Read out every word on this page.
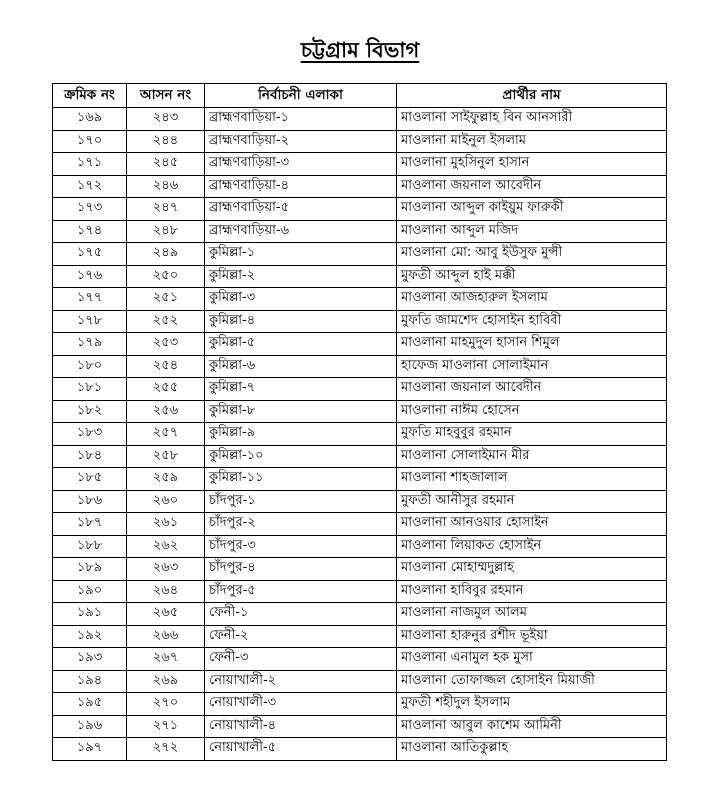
চট্টগ্রাম বিভাগ
ক্রমিক নং	আসন নং	নির্বাচনী এলাকা	প্রার্থীর নাম
১৬৯	২৪৩	ব্রাহ্মণবাড়িয়া-১	মাওলানা সাইফুল্লাহ বিন আনসারী
১৭০	২৪৪	ব্রাহ্মণবাড়িয়া-২	মাওলানা মাইনুল ইসলাম
১৭১	২৪৫	ব্রাহ্মণবাড়িয়া-৩	মাওলানা মুহসিনুল হাসান
১৭২	২৪৬	ব্রাহ্মণবাড়িয়া-৪	মাওলানা জয়নাল আবেদীন
১৭৩	২৪৭	ব্রাহ্মণবাড়িয়া-৫	মাওলানা আব্দুল কাইয়ুম ফারুকী
১৭৪	২৪৮	ব্রাহ্মণবাড়িয়া-৬	মাওলানা আব্দুল মজিদ
১৭৫	২৪৯	কুমিল্লা-১	মাওলানা মো: আবু ইউসুফ মুন্সী
১৭৬	২৫০	কুমিল্লা-২	মুফতী আব্দুল হাই মক্কী
১৭৭	২৫১	কুমিল্লা-৩	মাওলানা আজহারুল ইসলাম
১৭৮	২৫২	কুমিল্লা-৪	মুফতি জামশেদ হোসাইন হাবিবী
১৭৯	২৫৩	কুমিল্লা-৫	মাওলানা মাহমুদুল হাসান শিমুল
১৮০	২৫৪	কুমিল্লা-৬	হাফেজ মাওলানা সোলাইমান
১৮১	২৫৫	কুমিল্লা-৭	মাওলানা জয়নাল আবেদীন
১৮২	২৫৬	কুমিল্লা-৮	মাওলানা নাঈম হোসেন
১৮৩	২৫৭	কুমিল্লা-৯	মুফতি মাহবুবুর রহমান
১৮৪	২৫৮	কুমিল্লা-১০	মাওলানা সোলাইমান মীর
১৮৫	২৫৯	কুমিল্লা-১১	মাওলানা শাহজালাল
১৮৬	২৬০	চাঁদপুর-১	মুফতী আনীসুর রহমান
১৮৭	২৬১	চাঁদপুর-২	মাওলানা আনওয়ার হোসাইন
১৮৮	২৬২	চাঁদপুর-৩	মাওলানা লিয়াকত হোসাইন
১৮৯	২৬৩	চাঁদপুর-৪	মাওলানা মোহাম্মদুল্লাহ
১৯০	২৬৪	চাঁদপুর-৫	মাওলানা হাবিবুর রহমান
১৯১	২৬৫	ফেনী-১	মাওলানা নাজমুল আলম
১৯২	২৬৬	ফেনী-২	মাওলানা হারুনুর রশীদ ভূইয়া
১৯৩	২৬৭	ফেনী-৩	মাওলানা এনামুল হক মুসা
১৯৪	২৬৯	নোয়াখালী-২	মাওলানা তোফাজ্জল হোসাইন মিয়াজী
১৯৫	২৭০	নোয়াখালী-৩	মুফতী শহীদুল ইসলাম
১৯৬	২৭১	নোয়াখালী-৪	মাওলানা আবুল কাশেম আমিনী
১৯৭	২৭২	নোয়াখালী-৫	মাওলানা আতিকুল্লাহ
